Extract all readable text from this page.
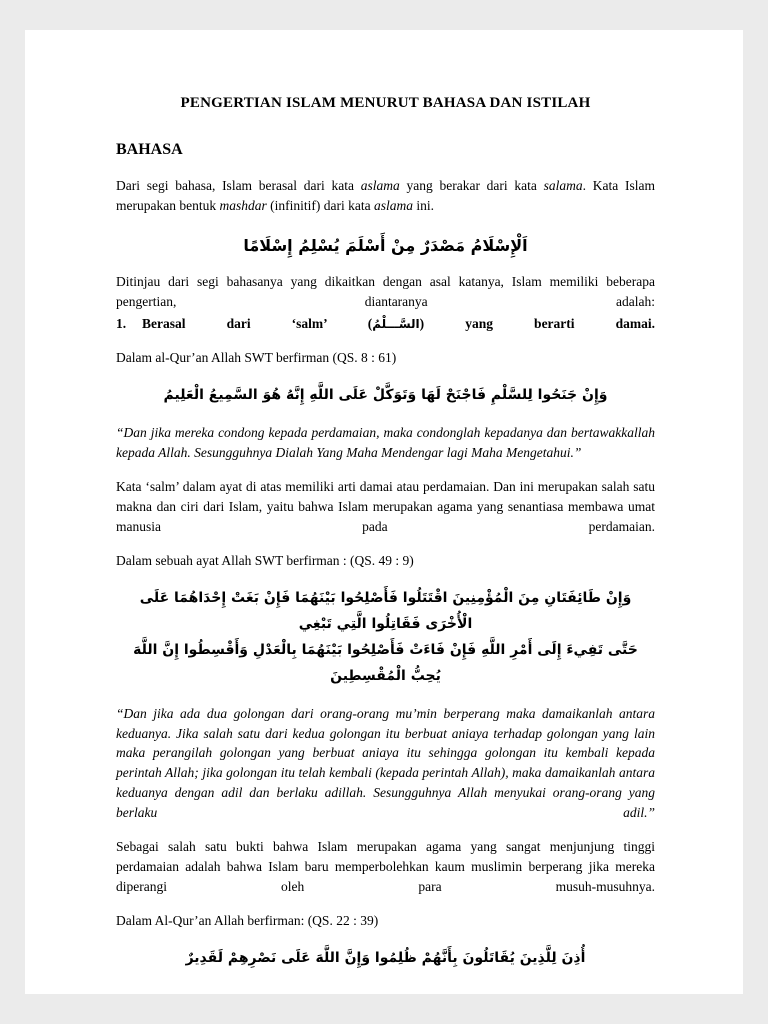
PENGERTIAN ISLAM MENURUT BAHASA DAN ISTILAH
BAHASA

Dari segi bahasa, Islam berasal dari kata aslama yang berakar dari kata salama. Kata Islam merupakan bentuk mashdar (infinitif) dari kata aslama ini.

اَلْإِسْلَامُ مَصْدَرٌ مِنْ أَسْلَمَ يُسْلِمُ إِسْلَامًا

Ditinjau dari segi bahasanya yang dikaitkan dengan asal katanya, Islam memiliki beberapa pengertian, diantaranya adalah:

1. Berasal dari ‘salm’ (السَّـــلْمُ) yang berarti damai.

Dalam al-Qur’an Allah SWT berfirman (QS. 8 : 61)

وَإِنْ جَنَحُوا لِلسَّلْمِ فَاجْنَحْ لَهَا وَتَوَكَّلْ عَلَى اللَّهِ إِنَّهُ هُوَ السَّمِيعُ الْعَلِيمُ

“Dan jika mereka condong kepada perdamaian, maka condonglah kepadanya dan bertawakkallah kepada Allah. Sesungguhnya Dialah Yang Maha Mendengar lagi Maha Mengetahui.”

Kata ‘salm’ dalam ayat di atas memiliki arti damai atau perdamaian. Dan ini merupakan salah satu makna dan ciri dari Islam, yaitu bahwa Islam merupakan agama yang senantiasa membawa umat manusia pada perdamaian.

Dalam sebuah ayat Allah SWT berfirman : (QS. 49 : 9)

وَإِنْ طَائِفَتَانِ مِنَ الْمُؤْمِنِينَ اقْتَتَلُوا فَأَصْلِحُوا بَيْنَهُمَا فَإِنْ بَغَتْ إِحْدَاهُمَا عَلَى الْأُخْرَى فَقَاتِلُوا الَّتِي تَبْغِي
حَتَّى تَفِيءَ إِلَى أَمْرِ اللَّهِ فَإِنْ فَاءَتْ فَأَصْلِحُوا بَيْنَهُمَا بِالْعَدْلِ وَأَقْسِطُوا إِنَّ اللَّهَ يُحِبُّ الْمُقْسِطِينَ

“Dan jika ada dua golongan dari orang-orang mu’min berperang maka damaikanlah antara keduanya. Jika salah satu dari kedua golongan itu berbuat aniaya terhadap golongan yang lain maka perangilah golongan yang berbuat aniaya itu sehingga golongan itu kembali kepada perintah Allah; jika golongan itu telah kembali (kepada perintah Allah), maka damaikanlah antara keduanya dengan adil dan berlaku adillah. Sesungguhnya Allah menyukai orang-orang yang berlaku adil.”

Sebagai salah satu bukti bahwa Islam merupakan agama yang sangat menjunjung tinggi perdamaian adalah bahwa Islam baru memperbolehkan kaum muslimin berperang jika mereka diperangi oleh para musuh-musuhnya.

Dalam Al-Qur’an Allah berfirman: (QS. 22 : 39)

أُذِنَ لِلَّذِينَ يُقَاتَلُونَ بِأَنَّهُمْ ظُلِمُوا وَإِنَّ اللَّهَ عَلَى نَصْرِهِمْ لَقَدِيرٌ
